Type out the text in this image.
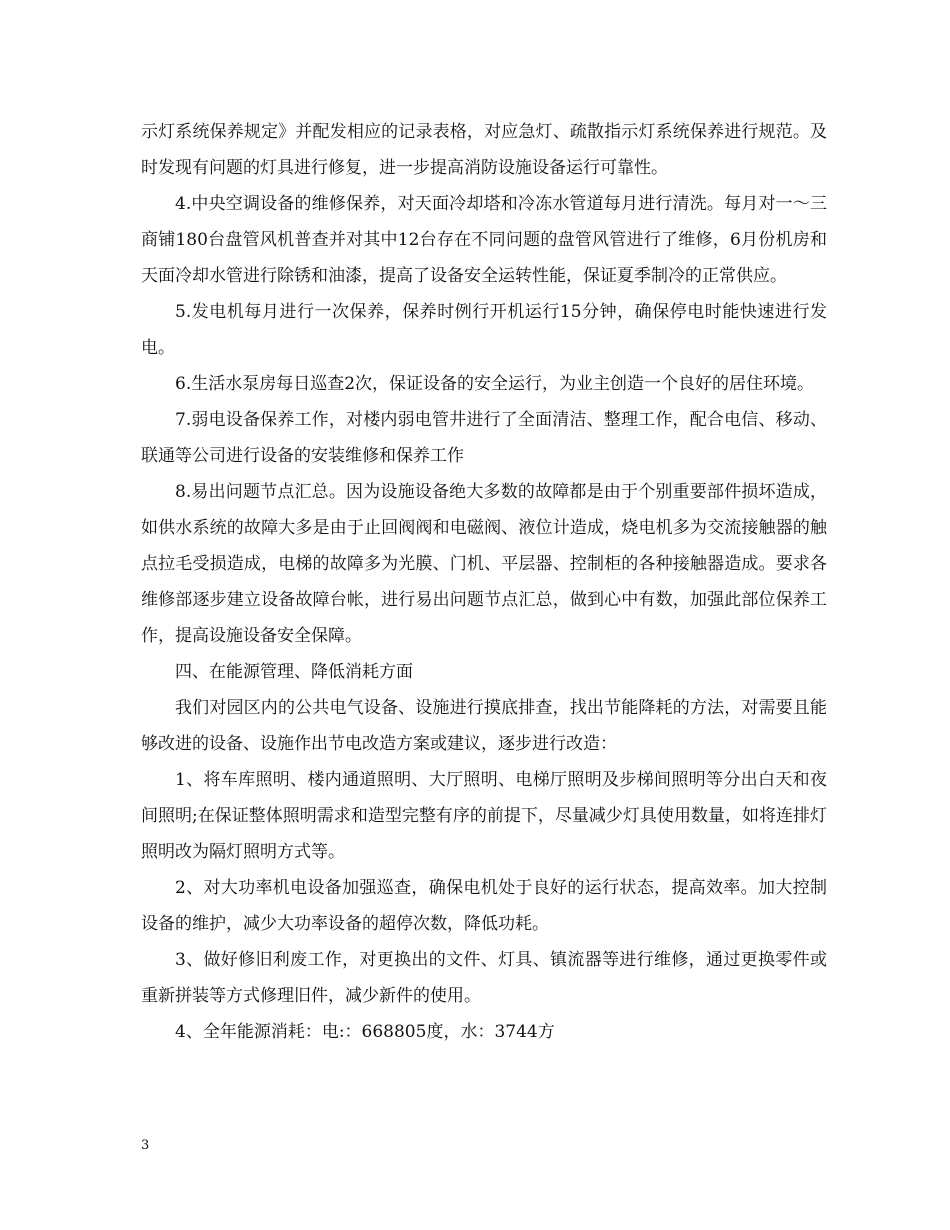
示灯系统保养规定》并配发相应的记录表格，对应急灯、疏散指示灯系统保养进行规范。及时发现有问题的灯具进行修复，进一步提高消防设施设备运行可靠性。

4.中央空调设备的维修保养，对天面冷却塔和冷冻水管道每月进行清洗。每月对一～三商铺180台盘管风机普查并对其中12台存在不同问题的盘管风管进行了维修，6月份机房和天面冷却水管进行除锈和油漆，提高了设备安全运转性能，保证夏季制冷的正常供应。

5.发电机每月进行一次保养，保养时例行开机运行15分钟，确保停电时能快速进行发电。

6.生活水泵房每日巡查2次，保证设备的安全运行，为业主创造一个良好的居住环境。

7.弱电设备保养工作，对楼内弱电管井进行了全面清洁、整理工作，配合电信、移动、联通等公司进行设备的安装维修和保养工作

8.易出问题节点汇总。因为设施设备绝大多数的故障都是由于个别重要部件损坏造成，如供水系统的故障大多是由于止回阀阀和电磁阀、液位计造成，烧电机多为交流接触器的触点拉毛受损造成，电梯的故障多为光膜、门机、平层器、控制柜的各种接触器造成。要求各维修部逐步建立设备故障台帐，进行易出问题节点汇总，做到心中有数，加强此部位保养工作，提高设施设备安全保障。

四、在能源管理、降低消耗方面

我们对园区内的公共电气设备、设施进行摸底排查，找出节能降耗的方法，对需要且能够改进的设备、设施作出节电改造方案或建议，逐步进行改造：

1、将车库照明、楼内通道照明、大厅照明、电梯厅照明及步梯间照明等分出白天和夜间照明;在保证整体照明需求和造型完整有序的前提下，尽量减少灯具使用数量，如将连排灯照明改为隔灯照明方式等。

2、对大功率机电设备加强巡查，确保电机处于良好的运行状态，提高效率。加大控制设备的维护，减少大功率设备的超停次数，降低功耗。

3、做好修旧利废工作，对更换出的文件、灯具、镇流器等进行维修，通过更换零件或重新拼装等方式修理旧件，减少新件的使用。

4、全年能源消耗：电:：668805度，水：3744方

3
